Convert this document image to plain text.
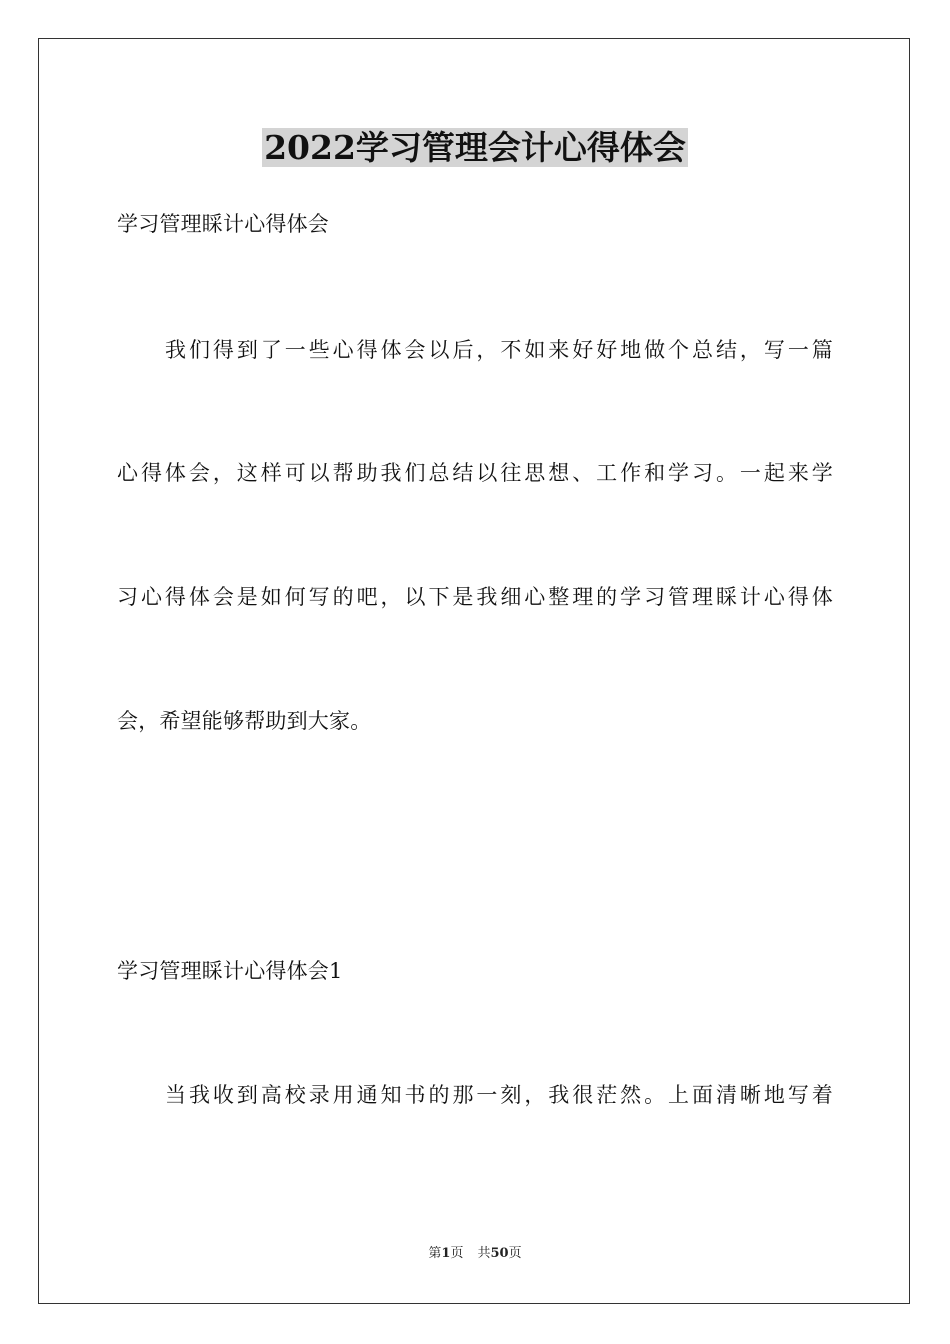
2022学习管理会计心得体会
学习管理睬计心得体会
我们得到了一些心得体会以后，不如来好好地做个总结，写一篇
心得体会，这样可以帮助我们总结以往思想、工作和学习。一起来学
习心得体会是如何写的吧，以下是我细心整理的学习管理睬计心得体
会，希望能够帮助到大家。
学习管理睬计心得体会1
当我收到高校录用通知书的那一刻，我很茫然。上面清晰地写着
第1页 共50页
